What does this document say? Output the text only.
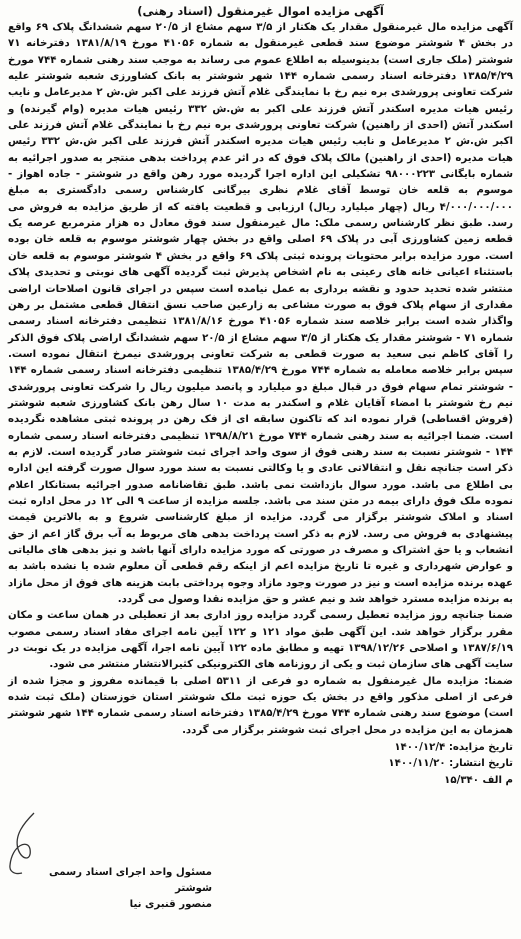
آگهی مزایده اموال غیرمنقول (اسناد رهنی)

آگهی مزایده مال غیرمنقول مقدار یک هکتار از ۳/۵ سهم مشاع از ۲۰/۵ سهم ششدانگ پلاک ۶۹ واقع در بخش ۴ شوشتر موضوع سند قطعی غیرمنقول به شماره ۴۱۰۵۶ مورخ ۱۳۸۱/۸/۱۹ دفترخانه ۷۱ شوشتر (ملک جاری است) بدینوسیله به اطلاع عموم می رساند به موجب سند رهنی شماره ۷۴۴ مورخ ۱۳۸۵/۴/۲۹ دفترخانه اسناد رسمی شماره ۱۴۴ شهر شوشتر به بانک کشاورزی شعبه شوشتر علیه شرکت تعاونی پرورشدی بره نیم رخ با نمایندگی غلام آتش فرزند علی اکبر ش.ش ۲ مدیرعامل و نایب رئیس هیات مدیره اسکندر آتش فرزند علی اکبر به ش.ش ۳۳۲ رئیس هیات مدیره (وام گیرنده) و اسکندر آتش (احدی از راهنین) شرکت تعاونی پرورشدی بره نیم رخ با نمایندگی غلام آتش فرزند علی اکبر ش.ش ۲ مدیرعامل و نایب رئیس هیات مدیره اسکندر آتش فرزند علی اکبر ش.ش ۳۳۲ رئیس هیات مدیره (احدی از راهنین) مالک پلاک فوق که در اثر عدم پرداخت بدهی منتجر به صدور اجرائیه به شماره بایگانی ۹۸۰۰۰۲۲۳ تشکیلی این اداره اجرا گردیده مورد رهن واقع در شوشتر - جاده اهواز - موسوم به قلعه خان توسط آقای غلام نظری بیرگانی کارشناس رسمی دادگستری به مبلغ ۴/۰۰۰/۰۰۰/۰۰۰ ریال (چهار میلیارد ریال) ارزیابی و قطعیت یافته که از طریق مزایده به فروش می رسد. طبق نظر کارشناس رسمی ملک: مال غیرمنقول سند فوق معادل ده هزار مترمربع عرصه یک قطعه زمین کشاورزی آبی در پلاک ۶۹ اصلی واقع در بخش چهار شوشتر موسوم به قلعه خان بوده است. مورد مزایده برابر محتویات پرونده ثبتی پلاک ۶۹ واقع در بخش ۴ شوشتر موسوم به قلعه خان باستثناء اعیانی خانه های رعیتی به نام اشخاص پذیرش ثبت گردیده آگهی های نوبتی و تحدیدی پلاک منتشر شده تحدید حدود و نقشه برداری به عمل نیامده است سپس در اجرای قانون اصلاحات اراضی مقداری از سهام پلاک فوق به صورت مشاعی به زارعین صاحب نسق انتقال قطعی مشتمل بر رهن واگذار شده است برابر خلاصه سند شماره ۴۱۰۵۶ مورخ ۱۳۸۱/۸/۱۶ تنظیمی دفترخانه اسناد رسمی شماره ۷۱ - شوشتر مقدار یک هکتار از ۳/۵ سهم مشاع از ۲۰/۵ سهم ششدانگ اراضی پلاک فوق الذکر را آقای کاظم نبی سعید به صورت قطعی به شرکت تعاونی پرورشدی نیمرخ انتقال نموده است. سپس برابر خلاصه معامله به شماره ۷۴۴ مورخ ۱۳۸۵/۴/۲۹ تنظیمی دفترخانه اسناد رسمی شماره ۱۴۴ - شوشتر تمام سهام فوق در قبال مبلغ دو میلیارد و پانصد میلیون ریال را شرکت تعاونی پرورشدی نیم رخ شوشتر با امضاء آقایان غلام و اسکندر به مدت ۱۰ سال رهن بانک کشاورزی شعبه شوشتر (فروش اقساطی) قرار نموده اند که تاکنون سابقه ای از فک رهن در پرونده ثبتی مشاهده نگردیده است. ضمنا اجرائیه به سند رهنی شماره ۷۴۴ مورخ ۱۳۹۸/۸/۲۱ تنظیمی دفترخانه اسناد رسمی شماره ۱۴۴ - شوشتر نسبت به سند رهنی فوق از سوی واحد اجرای ثبت شوشتر صادر گردیده است. لازم به ذکر است جنانچه نقل و انتقالاتی عادی و یا وکالتی نسبت به سند مورد سوال صورت گرفته این اداره بی اطلاع می باشد. مورد سوال بازداشت نمی باشد. طبق تقاضانامه صدور اجرائیه بستانکار اعلام نموده ملک فوق دارای بیمه در متن سند می باشد. جلسه مزایده از ساعت ۹ الی ۱۲ در محل اداره ثبت اسناد و املاک شوشتر برگزار می گردد. مزایده از مبلغ کارشناسی شروع و به بالاترین قیمت پیشنهادی به فروش می رسد. لازم به ذکر است پرداخت بدهی های مربوط به آب برق گاز اعم از حق انشعاب و یا حق اشتراک و مصرف در صورتی که مورد مزایده دارای آنها باشد و نیز بدهی های مالیاتی و عوارض شهرداری و غیره تا تاریخ مزایده اعم از اینکه رقم قطعی آن معلوم شده یا نشده باشد به عهده برنده مزایده است و نیز در صورت وجود مازاد وجوه پرداختی بابت هزینه های فوق از محل مازاد به برنده مزایده مسترد خواهد شد و نیم عشر و حق مزایده نقدا وصول می گردد.

ضمنا جنانچه روز مزایده تعطیل رسمی گردد مزایده روز اداری بعد از تعطیلی در همان ساعت و مکان مقرر برگزار خواهد شد. این آگهی طبق مواد ۱۲۱ و ۱۲۲ آیین نامه اجرای مفاد اسناد رسمی مصوب ۱۳۸۷/۶/۱۹ و اصلاحی ۱۳۹۸/۱۲/۲۶ تهیه و مطابق ماده ۱۲۲ آیین نامه اجرا، آگهی مزایده در یک نوبت در سایت آگهی های سازمان ثبت و یکی از روزنامه های الکترونیکی کثیرالانتشار منتشر می شود.

ضمنا: مزایده مال غیرمنقول به شماره دو فرعی از ۵۳۱۱ اصلی با قیمانده مفروز و مجزا شده از فرعی از اصلی مذکور واقع در بخش یک حوزه ثبت ملک شوشتر استان خوزستان (ملک ثبت شده است) موضوع سند رهنی شماره ۷۴۴ مورخ ۱۳۸۵/۴/۲۹ دفترخانه اسناد رسمی شماره ۱۴۴ شهر شوشتر همزمان به این مزایده در محل اجرای ثبت شوشتر برگزار می گردد.

تاریخ مزایده: ۱۴۰۰/۱۲/۴
تاریخ انتشار: ۱۴۰۰/۱۱/۲۰
م الف ۱۵/۳۴۰
مسئول واحد اجرای اسناد رسمی شوشتر
منصور قنبری نیا
